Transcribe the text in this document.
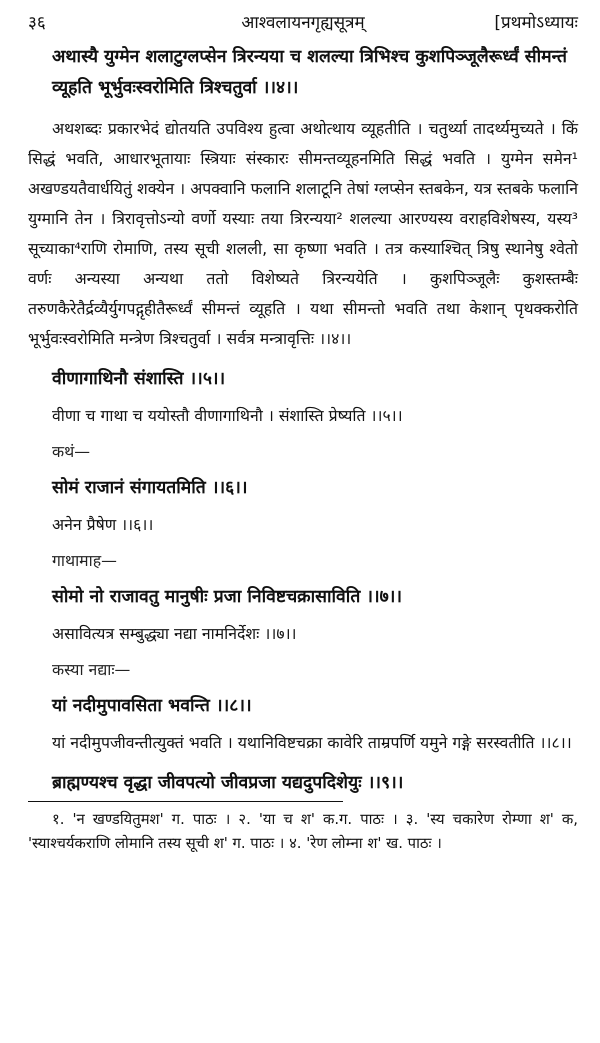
३६	आश्वलायनगृह्यसूत्रम्	[प्रथमोऽध्यायः

अथास्यै युग्मेन शलाटुग्लप्सेन त्रिरन्यया च शलल्या त्रिभिश्च कुशपिञ्जूलैरूर्ध्वं सीमन्तं व्यूहति भूर्भुवःस्वरोमिति त्रिश्चतुर्वा ।।४।।

अथशब्दः प्रकारभेदं द्योतयति उपविश्य हुत्वा अथोत्थाय व्यूहतीति । चतुर्थ्या तादर्थ्यमुच्यते । किं सिद्धं भवति, आधारभूतायाः स्त्रियाः संस्कारः सीमन्तव्यूहनमिति सिद्धं भवति । युग्मेन समेन¹ अखण्डयतैवार्धयितुं शक्येन । अपक्वानि फलानि शलाटूनि तेषां ग्लप्सेन स्तबकेन, यत्र स्तबके फलानि युग्मानि तेन । त्रिरावृत्तोऽन्यो वर्णो यस्याः तया त्रिरन्यया² शलल्या आरण्यस्य वराहविशेषस्य, यस्य³ सूच्याका⁴राणि रोमाणि, तस्य सूची शलली, सा कृष्णा भवति । तत्र कस्याश्चित् त्रिषु स्थानेषु श्वेतो वर्णः अन्यस्या अन्यथा ततो विशेष्यते त्रिरन्ययेति । कुशपिञ्जूलैः कुशस्तम्बैः तरुणकैरेतैर्द्रव्यैर्युगपद्गृहीतैरूर्ध्वं सीमन्तं व्यूहति । यथा सीमन्तो भवति तथा केशान् पृथक्करोति भूर्भुवःस्वरोमिति मन्त्रेण त्रिश्चतुर्वा । सर्वत्र मन्त्रावृत्तिः ।।४।।

वीणागाथिनौ संशास्ति ।।५।।

वीणा च गाथा च ययोस्तौ वीणागाथिनौ । संशास्ति प्रेष्यति ।।५।।

कथं—

सोमं राजानं संगायतमिति ।।६।।

अनेन प्रैषेण ।।६।।

गाथामाह—

सोमो नो राजावतु मानुषीः प्रजा निविष्टचक्रासाविति ।।७।।

असावित्यत्र सम्बुद्ध्या नद्या नामनिर्देशः ।।७।।

कस्या नद्याः—

यां नदीमुपावसिता भवन्ति ।।८।।

यां नदीमुपजीवन्तीत्युक्तं भवति । यथानिविष्टचक्रा कावेरि ताम्रपर्णि यमुने गङ्गे सरस्वतीति ।।८।।

ब्राह्मण्यश्च वृद्धा जीवपत्यो जीवप्रजा यद्यदुपदिशेयुः ।।९।।

१. 'न खण्डयितुमश' ग. पाठः । २. 'या च श' क.ग. पाठः । ३. 'स्य चकारेण रोम्णा श' क, 'स्याश्चर्यकराणि लोमानि तस्य सूची श' ग. पाठः । ४. 'रेण लोम्ना श' ख. पाठः ।
